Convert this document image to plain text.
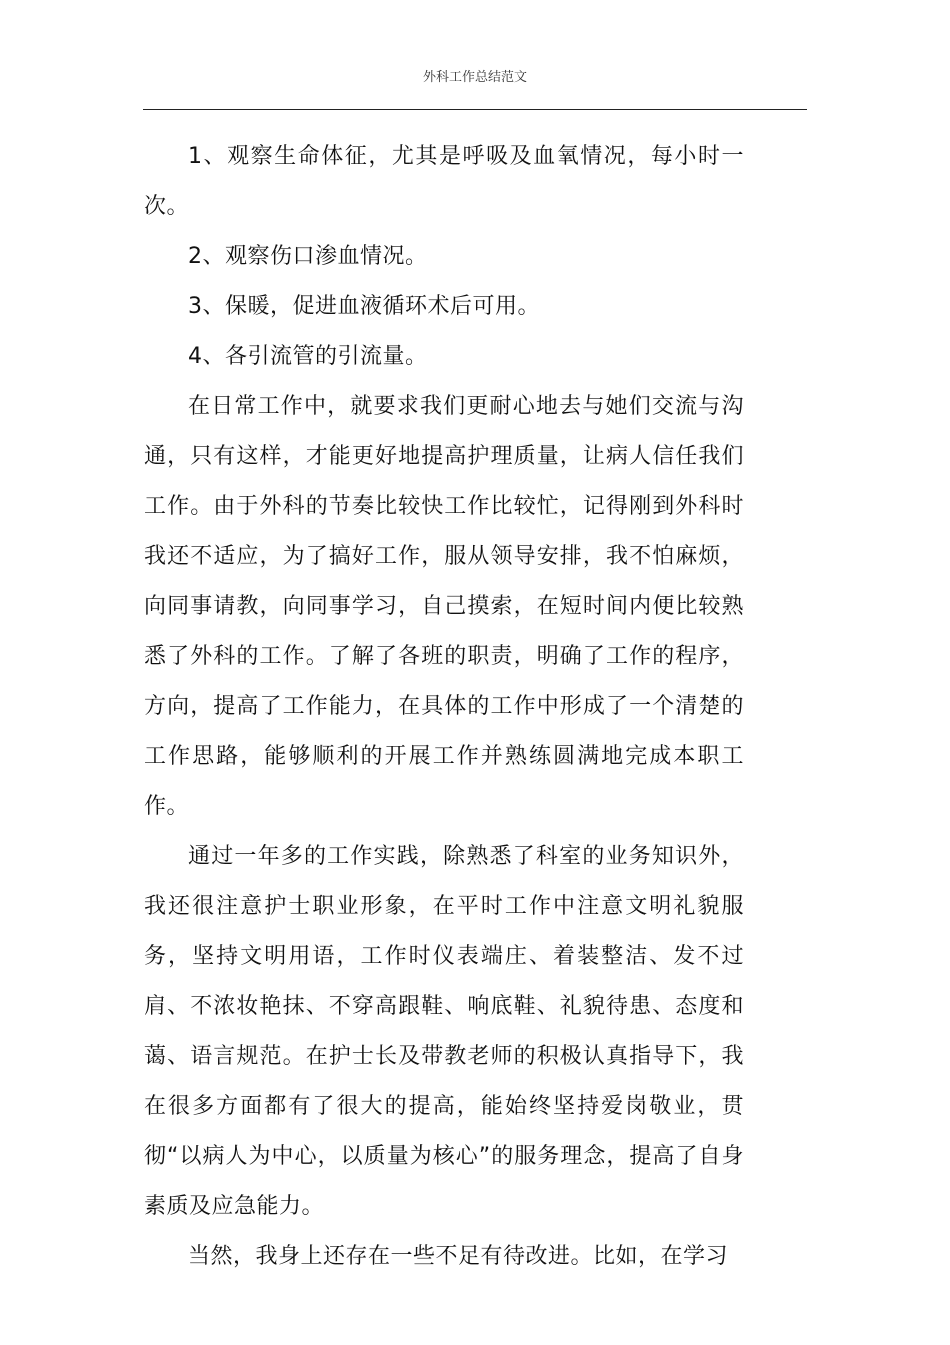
外科工作总结范文

1、观察生命体征，尤其是呼吸及血氧情况，每小时一次。

2、观察伤口渗血情况。

3、保暖，促进血液循环术后可用。

4、各引流管的引流量。

在日常工作中，就要求我们更耐心地去与她们交流与沟通，只有这样，才能更好地提高护理质量，让病人信任我们工作。由于外科的节奏比较快工作比较忙，记得刚到外科时我还不适应，为了搞好工作，服从领导安排，我不怕麻烦，向同事请教，向同事学习，自己摸索，在短时间内便比较熟悉了外科的工作。了解了各班的职责，明确了工作的程序，方向，提高了工作能力，在具体的工作中形成了一个清楚的工作思路，能够顺利的开展工作并熟练圆满地完成本职工作。

通过一年多的工作实践，除熟悉了科室的业务知识外，我还很注意护士职业形象，在平时工作中注意文明礼貌服务，坚持文明用语，工作时仪表端庄、着装整洁、发不过肩、不浓妆艳抹、不穿高跟鞋、响底鞋、礼貌待患、态度和蔼、语言规范。在护士长及带教老师的积极认真指导下，我在很多方面都有了很大的提高，能始终坚持爱岗敬业，贯彻“以病人为中心，以质量为核心”的服务理念，提高了自身素质及应急能力。

当然，我身上还存在一些不足有待改进。比如，在学习
